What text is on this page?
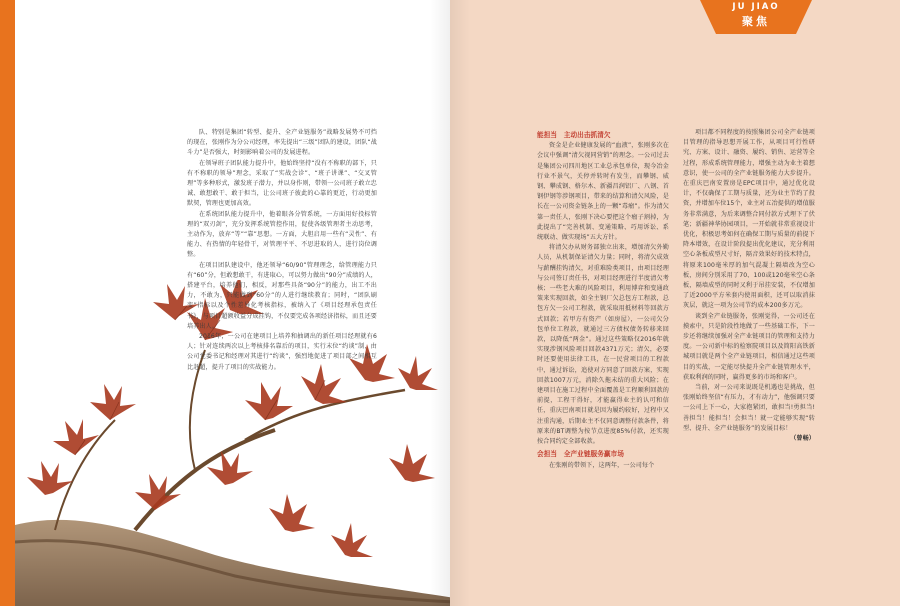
队、特别是集团“转型、提升、全产业链服务”战略发展势不可挡的现在，张刚作为分公司经理，率先提出“三级”团队的建设，团队“战斗力”是否强大，时刻影响着公司的发展进程。

在领导班子团队能力提升中，他始终坚持“没有不称职的部下，只有不称职的领导”理念，采取了“实战会诊”、“班子讲课”、“交叉管理”等多种形式，激发班子潜力，并以身作则，带领一公司班子敢立忠诚、敢想敢干、敢于担当，让公司班子彼此的心靠的更近，行动更加默契，管理也更加高效。

在系统团队能力提升中，他着眼各分管系统，一方面用好投标管理的“双刃剑”，充分发挥系统管控作用，促使各级管理者主动思考，主动作为，放弃“等”“靠”思想。一方面，大胆启用一些有“灵性”、有能力、有热情的年轻骨干，对管理平平、不思进取的人，进行岗位调整。

在项目团队建设中，他还领导“60/90”管理理念，给管理能力只有“60”分，但敢想敢干，有进取心，可以努力做出“90分”成绩的人，搭建平台，培养他们，相反，对那些具备“90分”的能力，出工不出力，不敢为，只能做到“60分”的人进行继续教育；同时，“团队刷变”指标以及个性差异化考核指标，被纳入了《项目经理承包责任书》，与项目超额收益分成挂钩，不仅要完成各项经济指标，而且还要培养出人。

2016年，一公司在建项目上培养和抽调出的新任项目经理就有6人；针对连续两次以上考核排名靠后的项目，实行末位“约谈”制，由公司党委书记和经理对其进行“约谈”，强烈地促进了项目部之间相互比赶超，提升了项目的实战能力。

JU JIAO
聚焦

能担当　主动出击抓清欠

资金是企业健康发展的“血液”，张刚多次在会议中强调“清欠视同营销”的理念。一公司过去是集团公司四川地区工业总承包单位，现今冶金行业不景气，关停并转时有发生，而攀钢、威钢、攀成钢、格尔木、新疆昌润铝厂、八钢、首钢伊钢等涉钢项目，带来的结算和清欠风险，是长在一公司资金链条上的一颗“毒瘤”。作为清欠第一责任人，张刚下决心要把这个瘤子割掉，为此提出了“完善机制、变通策略、巧用诉讼、系统联动、做实现场”五大方针。

将清欠办从财务部独立出来，增加清欠外勤人员，从机制保证清欠力量；同时，将清欠成效与薪酬挂钩清欠，对重难险类项目，由项目经理与公司签订责任书，对项目经理进行半度清欠考核；一些老大难的风险项目，利用博弈和变通政策来实现回款，如全主钢厂欠总包方工程款，总包方欠一公司工程款，就采取用抵材料等回款方式回款；若甲方有资产（如房屋），一公司欠分包单位工程款，就通过三方债权债务转移来回款，以降低“两金”。通过这些策略仅2016年就实现涉钢风险项目回款4371万元；清欠，必要时还要使用法律工具，在一民营项目的工程款中，通过诉讼，追使对方同意了回款方案，实现回款1007万元，消除久拖未结的重大风险；在建项目在施工过程中全面覆盖是工程顺利回款的前提，工程干得好，才能赢得业主的认可和信任，重庆巴南项目就是因为履约较好，过程中又注重沟通，后期业主不仅同意调整付款条件，将原来的BT调整为按节点进度85%付款，还实现按合同约定全部收款。

会担当　全产业链服务赢市场

在张刚的带领下，这两年，一公司每个

项目都不同程度的按照集团公司全产业链项目管理的指导思想开展工作，从项目可行性研究、方案、设计、融资、履约、销售、运营等全过程，形成系统管理能力，增强主动为业主着想意识，使一公司的全产业链服务能力大步提升。在重庆巴南安置房是EPC项目中，通过优化设计，不仅确保了工期与质量，还为业主节约了投资，并增加车位15个，业主对五冶提供的增值服务非常满意，为后来调整合同付款方式埋下了伏笔；新疆神华协园项目，一开始就非常重视设计优化，积极思考如何在确保工期与质量的前提下降本增效，在设计阶段提出优化建议，充分利用空心条板成型尺寸好，隔音效果好的技术特点，将原来100毫米厚的加气混凝土隔墙改为空心板，房间分别采用了70、100或120毫米空心条板，隔墙成型的同时又利于吊挂安装，不仅增加了近2000平方米套内使用面积，还可以取消抹灰层，就这一项为公司节约成本200多万元。

谈到全产业链服务，张刚觉得，一公司还在摸索中，只是阶段性地做了一些基础工作，下一步还将继续加强对全产业链项目的管理和支持力度。一公司新中标的检察院项目以及简阳高铁新城项目就是两个全产业链项目，相信通过这些项目的实战，一定能尽快提升全产业链管理水平，获取利润的同时，赢得更多的市场和客户。

当前，对一公司来说既是机遇也是挑战，但张刚始终坚信“有压力，才有动力”，他强调只要一公司上下一心，大家抱紧团，敢担当!勇担当!善担当！能担当！会担当！就一定能够实现“转型、提升、全产业链服务”的发展目标！

（曾畅）
